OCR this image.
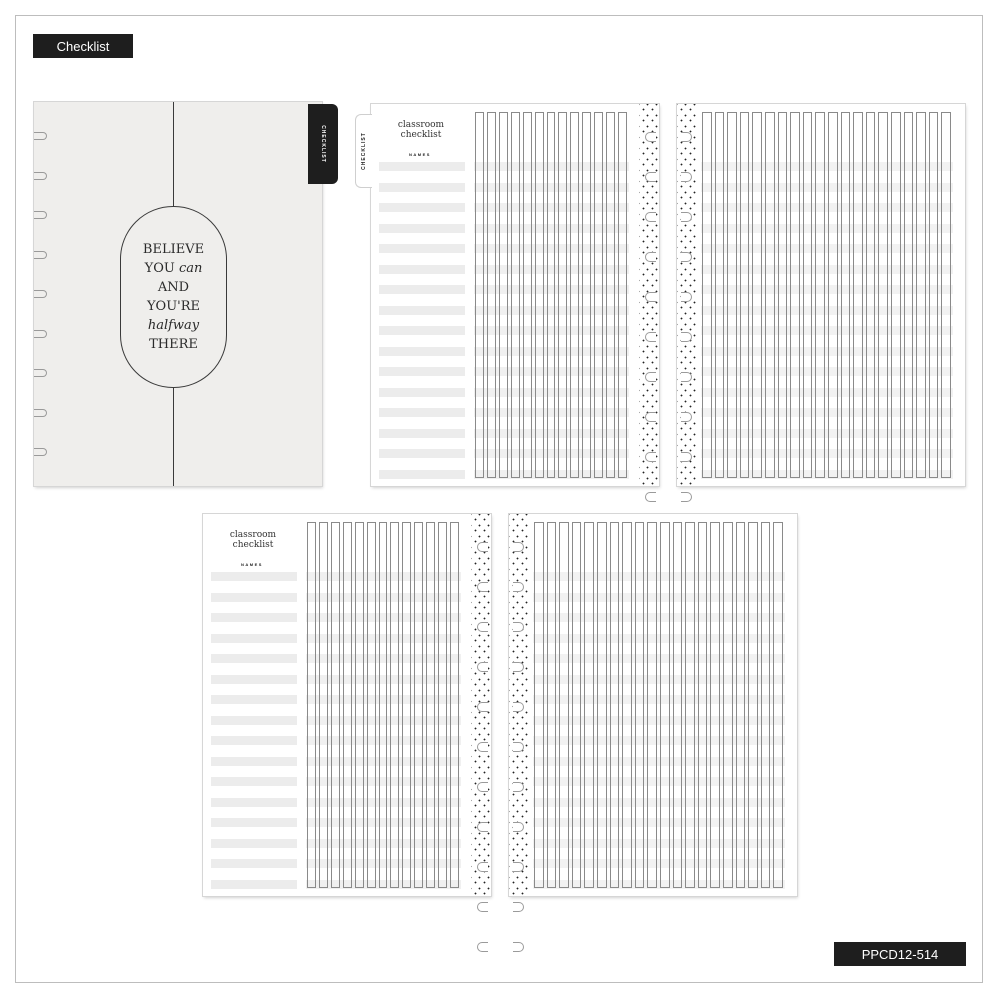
Checklist
PPCD12-514
BELIEVE
YOU can
AND
YOU'RE
halfway
THERE
CHECKLIST	CHECKLIST
classroom checklist
NAMES
classroom checklist
NAMES
